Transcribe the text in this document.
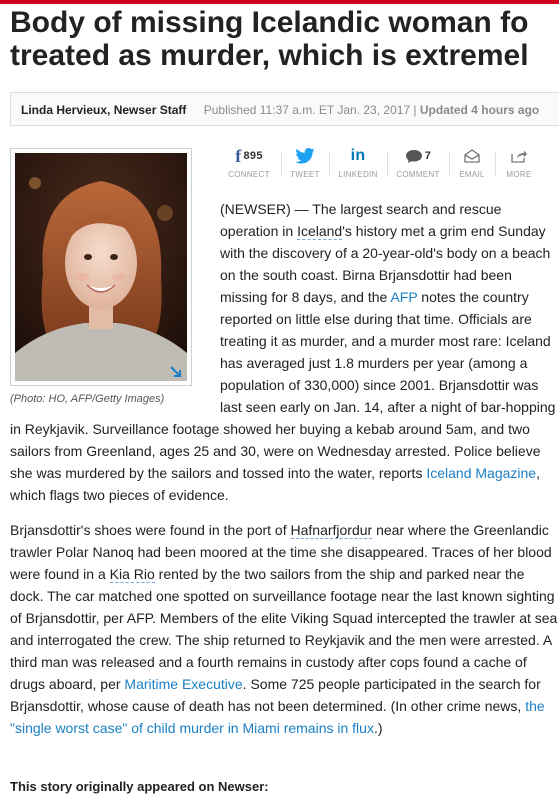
Body of missing Icelandic woman fo
treated as murder, which is extremel
Linda Hervieux, Newser Staff Published 11:37 a.m. ET Jan. 23, 2017 | Updated 4 hours ago
(Photo: HO, AFP/Getty Images)
f 895
CONNECT	TWEET
in
LINKEDIN
7
COMMENT	EMAIL	MORE

(NEWSER) — The largest search and rescue operation in Iceland's history met a grim end Sunday with the discovery of a 20-year-old's body on a beach on the south coast. Birna Brjansdottir had been missing for 8 days, and the AFP notes the country reported on little else during that time. Officials are treating it as murder, and a murder most rare: Iceland has averaged just 1.8 murders per year (among a population of 330,000) since 2001. Brjansdottir was last seen early on Jan. 14, after a night of bar-hopping in Reykjavik. Surveillance footage showed her buying a kebab around 5am, and two sailors from Greenland, ages 25 and 30, were on Wednesday arrested. Police believe she was murdered by the sailors and tossed into the water, reports Iceland Magazine, which flags two pieces of evidence.

Brjansdottir's shoes were found in the port of Hafnarfjordur near where the Greenlandic trawler Polar Nanoq had been moored at the time she disappeared. Traces of her blood were found in a Kia Rio rented by the two sailors from the ship and parked near the dock. The car matched one spotted on surveillance footage near the last known sighting of Brjansdottir, per AFP. Members of the elite Viking Squad intercepted the trawler at sea and interrogated the crew. The ship returned to Reykjavik and the men were arrested. A third man was released and a fourth remains in custody after cops found a cache of drugs aboard, per Maritime Executive. Some 725 people participated in the search for Brjansdottir, whose cause of death has not been determined. (In other crime news, the "single worst case" of child murder in Miami remains in flux.)

This story originally appeared on Newser:
